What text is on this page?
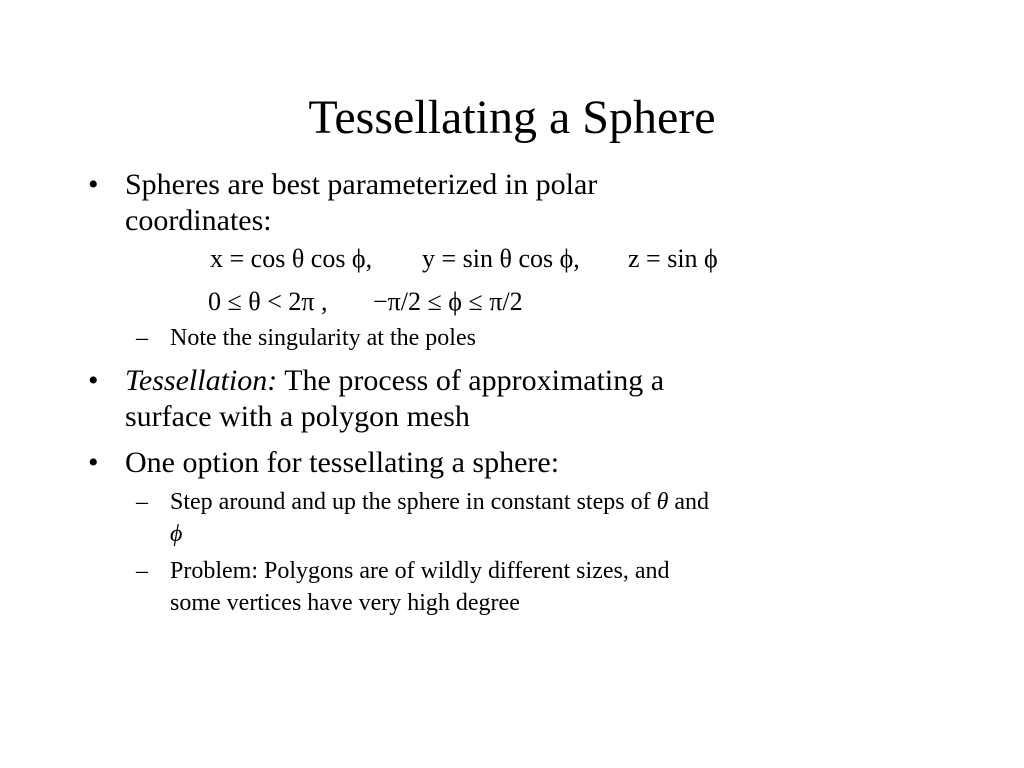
Tessellating a Sphere
• Spheres are best parameterized in polar
coordinates:
x = cos θ cos ϕ, y = sin θ cos ϕ, z = sin ϕ
0 ≤ θ < 2π , −π/2 ≤ ϕ ≤ π/2
– Note the singularity at the poles
• Tessellation: The process of approximating a
surface with a polygon mesh
• One option for tessellating a sphere:
– Step around and up the sphere in constant steps of θ and
ϕ
– Problem: Polygons are of wildly different sizes, and
some vertices have very high degree
